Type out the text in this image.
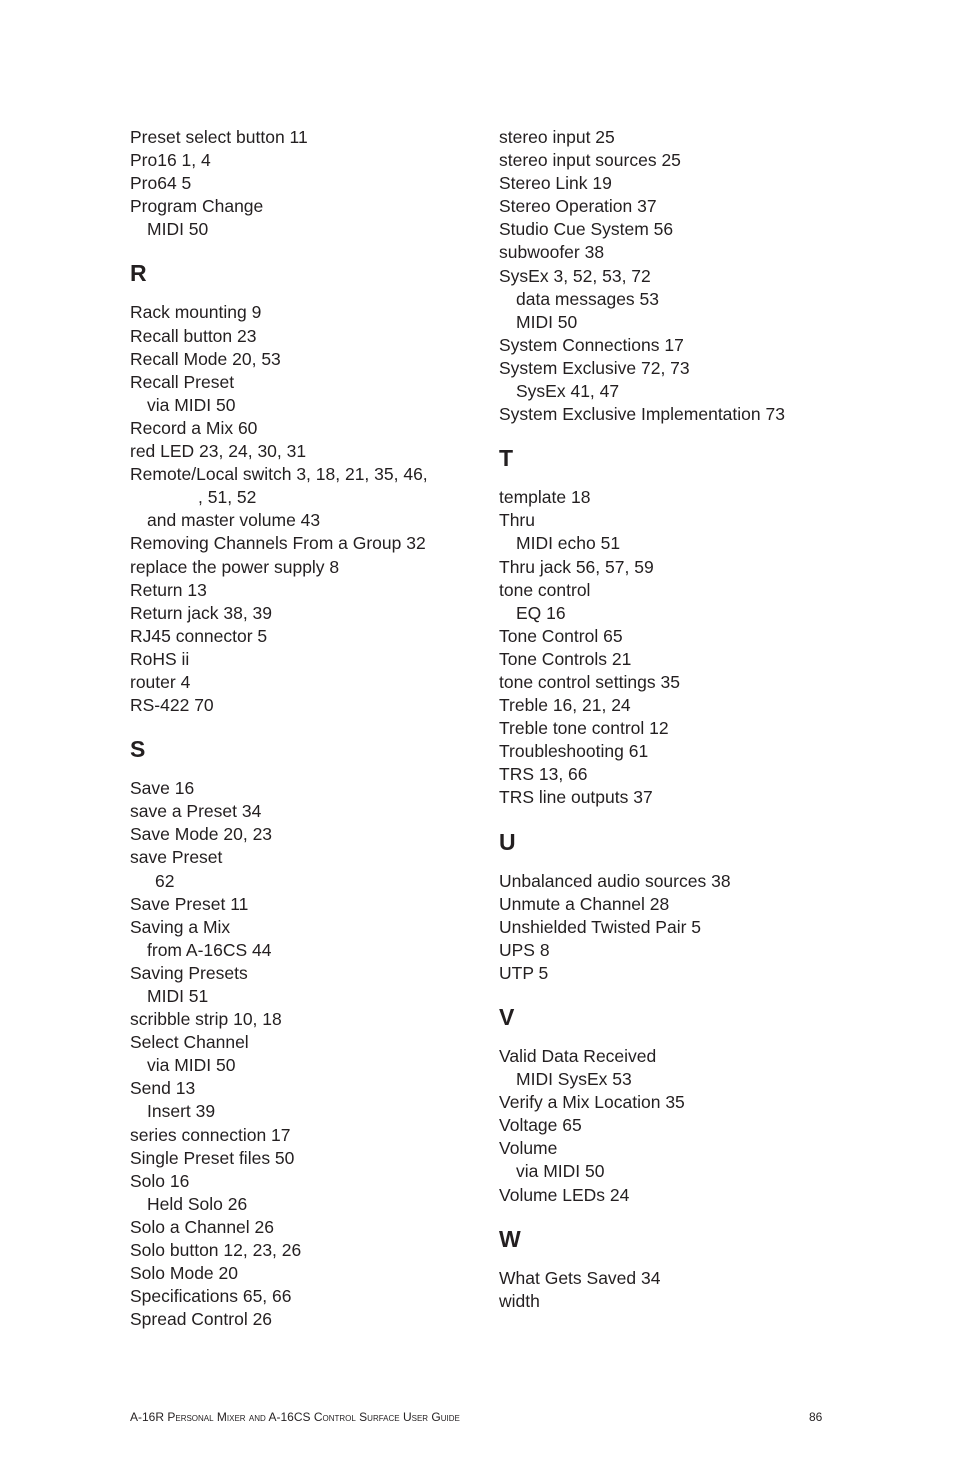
Preset select button 11
Pro16 1, 4
Pro64 5
Program Change
MIDI 50
R
Rack mounting 9
Recall button 23
Recall Mode 20, 53
Recall Preset
via MIDI 50
Record a Mix 60
red LED 23, 24, 30, 31
Remote/Local switch 3, 18, 21, 35, 46,
, 51, 52
and master volume 43
Removing Channels From a Group 32
replace the power supply 8
Return 13
Return jack 38, 39
RJ45 connector 5
RoHS ii
router 4
RS-422 70
S
Save 16
save a Preset 34
Save Mode 20, 23
save Preset
62
Save Preset 11
Saving a Mix
from A-16CS 44
Saving Presets
MIDI 51
scribble strip 10, 18
Select Channel
via MIDI 50
Send 13
Insert 39
series connection 17
Single Preset files 50
Solo 16
Held Solo 26
Solo a Channel 26
Solo button 12, 23, 26
Solo Mode 20
Specifications 65, 66
Spread Control 26
stereo input 25
stereo input sources 25
Stereo Link 19
Stereo Operation 37
Studio Cue System 56
subwoofer 38
SysEx 3, 52, 53, 72
data messages 53
MIDI 50
System Connections 17
System Exclusive 72, 73
SysEx 41, 47
System Exclusive Implementation 73
T
template 18
Thru
MIDI echo 51
Thru jack 56, 57, 59
tone control
EQ 16
Tone Control 65
Tone Controls 21
tone control settings 35
Treble 16, 21, 24
Treble tone control 12
Troubleshooting 61
TRS 13, 66
TRS line outputs 37
U
Unbalanced audio sources 38
Unmute a Channel 28
Unshielded Twisted Pair 5
UPS 8
UTP 5
V
Valid Data Received
MIDI SysEx 53
Verify a Mix Location 35
Voltage 65
Volume
via MIDI 50
Volume LEDs 24
W
What Gets Saved 34
width
A-16R Personal Mixer and A-16CS Control Surface User Guide	86
